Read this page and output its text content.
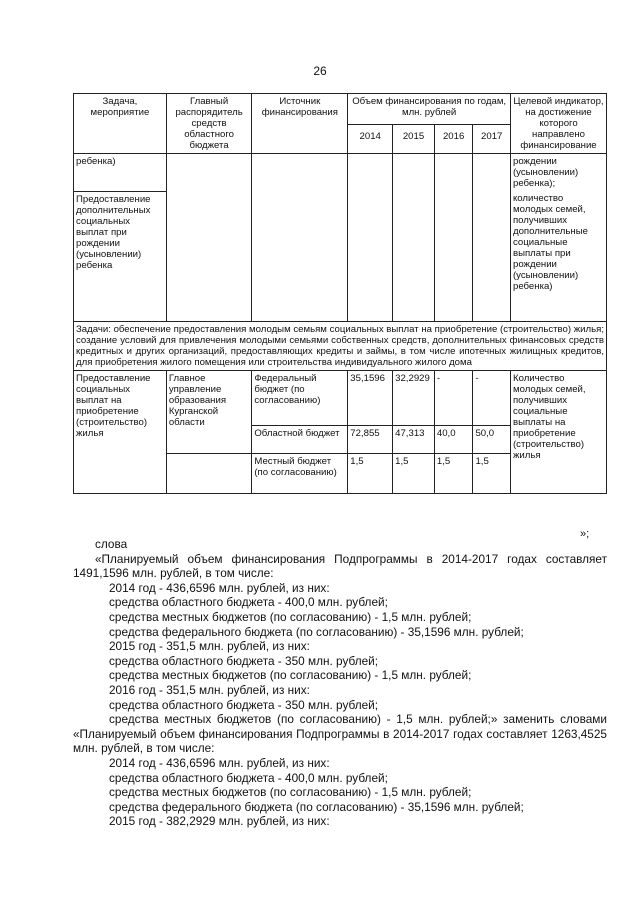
26
Задача, мероприятие	Главный распорядитель средств областного бюджета	Источник финансирования	Объем финансирования по годам, млн. рублей				Целевой индикатор, на достижение которого направлено финансирование
			2014	2015	2016	2017	
ребенка)							рождении (усыновлении) ребенка);
Предоставление дополнительных социальных выплат при рождении (усыновлении) ребенка							количество молодых семей, получивших дополнительные социальные выплаты при рождении (усыновлении) ребенка)
Задачи: обеспечение предоставления молодым семьям социальных выплат на приобретение (строительство) жилья; создание условий для привлечения молодыми семьями собственных средств, дополнительных финансовых средств кредитных и других организаций, предоставляющих кредиты и займы, в том числе ипотечных жилищных кредитов, для приобретения жилого помещения или строительства индивидуального жилого дома							
Предоставление социальных выплат на приобретение (строительство) жилья	Главное управление образования Курганской области	Федеральный бюджет (по согласованию)	35,1596	32,2929	-	-	Количество молодых семей, получивших социальные выплаты на приобретение (строительство) жилья
		Областной бюджет	72,855	47,313	40,0	50,0	
		Местный бюджет (по согласованию)	1,5	1,5	1,5	1,5	
»;

слова

«Планируемый объем финансирования Подпрограммы в 2014-2017 годах составляет 1491,1596 млн. рублей, в том числе:

2014 год - 436,6596 млн. рублей, из них:

средства областного бюджета - 400,0 млн. рублей;

средства местных бюджетов (по согласованию) - 1,5 млн. рублей;

средства федерального бюджета (по согласованию) - 35,1596 млн. рублей;

2015 год - 351,5 млн. рублей, из них:

средства областного бюджета - 350 млн. рублей;

средства местных бюджетов (по согласованию) - 1,5 млн. рублей;

2016 год - 351,5 млн. рублей, из них:

средства областного бюджета - 350 млн. рублей;

средства местных бюджетов (по согласованию) - 1,5 млн. рублей;» заменить словами «Планируемый объем финансирования Подпрограммы в 2014-2017 годах составляет 1263,4525 млн. рублей, в том числе:

2014 год - 436,6596 млн. рублей, из них:

средства областного бюджета - 400,0 млн. рублей;

средства местных бюджетов (по согласованию) - 1,5 млн. рублей;

средства федерального бюджета (по согласованию) - 35,1596 млн. рублей;

2015 год - 382,2929 млн. рублей, из них:
